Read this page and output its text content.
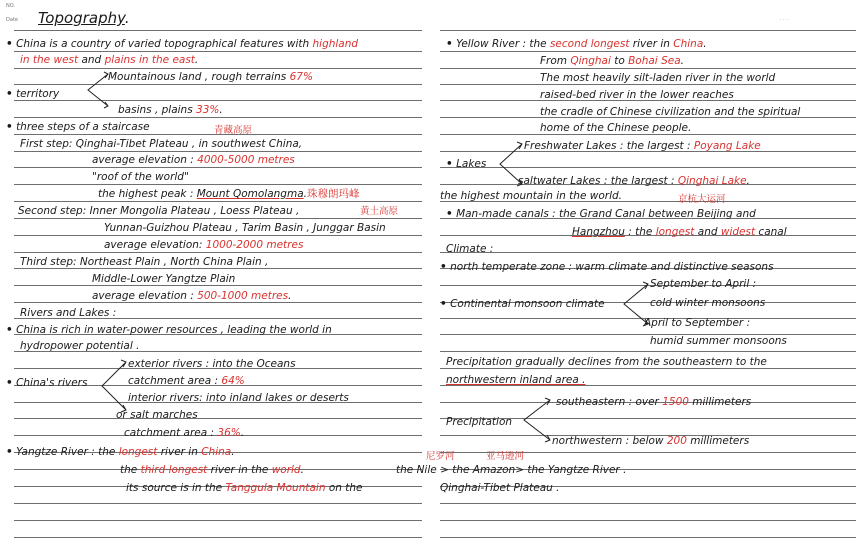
NO.
Date	· · ·
Topography.
• China is a country of varied topographical features with highland
in the west and plains in the east.
Mountainous land , rough terrains 67%
• territory
basins , plains 33%.
• three steps of a staircase	青藏高原
First step: Qinghai-Tibet Plateau , in southwest China,
average elevation : 4000-5000 metres
"roof of the world"
the highest peak : Mount Qomolangma.珠穆朗玛峰
Second step: Inner Mongolia Plateau , Loess Plateau ,	黄土高原
Yunnan-Guizhou Plateau , Tarim Basin , Junggar Basin
average elevation: 1000-2000 metres
Third step: Northeast Plain , North China Plain ,
Middle-Lower Yangtze Plain
average elevation : 500-1000 metres.
Rivers and Lakes :
• China is rich in water-power resources , leading the world in
hydropower potential .
exterior rivers : into the Oceans
• China's rivers	catchment area : 64%
interior rivers: into inland lakes or deserts
or salt marches
catchment area : 36%.
• Yangtze River : the longest river in China.
the third longest river in the world.
its source is in the Tanggula Mountain on the
• Yellow River : the second longest river in China.
From Qinghai to Bohai Sea.
The most heavily silt-laden river in the world
raised-bed river in the lower reaches
the cradle of Chinese civilization and the spiritual
home of the Chinese people.
Freshwater Lakes : the largest : Poyang Lake
• Lakes
saltwater Lakes : the largest : Qinghai Lake.
the highest mountain in the world.	京杭大运河
• Man-made canals : the Grand Canal between Beijing and
Hangzhou : the longest and widest canal
Climate :
• north temperate zone : warm climate and distinctive seasons
September to April :
• Continental monsoon climate	cold winter monsoons
April to September :
humid summer monsoons
Precipitation gradually declines from the southeastern to the
northwestern inland area .
southeastern : over 1500 millimeters
Precipitation
northwestern : below 200 millimeters
尼罗河	亚马逊河
the Nile > the Amazon> the Yangtze River .
Qinghai-Tibet Plateau .
